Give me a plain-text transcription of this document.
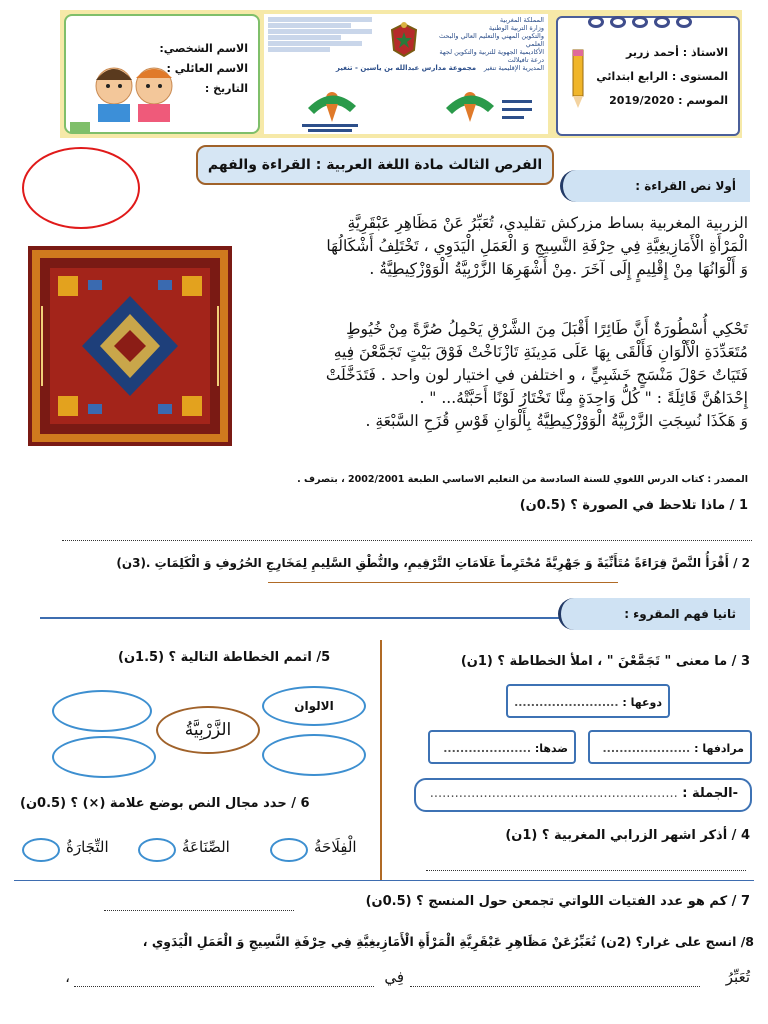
الاسم الشخصي:
الاسم العائلي :
التاريخ :
المملكة المغربية
وزارة التربية الوطنية
والتكوين المهني والتعليم العالي والبحث العلمي
الأكاديمية الجهوية للتربية والتكوين لجهة درعة تافيلالت
المديرية الإقليمية تنغير
مجموعة مدارس عبدالله بن ياسين - تنغير
الاستاذ : أحمد زرير
المستوى : الرابع ابتدائي
الموسم : 2019/2020
الفرص الثالث مادة اللغة العربية : القراءة والفهم
أولا نص القراءة :
الزربية المغربية بساط مزركش تقليدي، تُعَبِّرُ عَنْ مَظَاهِرِ عَبْقَرِيَّةِ
الْمَرْأَةِ الْأَمَازِيغِيَّةِ فِي حِرْفَةِ النَّسِيجِ وَ الْعَمَلِ الْيَدَوِي ، تَخْتَلِفُ أَشْكَالُهَا
وَ أَلْوَانُهَا مِنْ إِقْلِيمٍ إِلَى آخَرَ .مِنْ أَشْهَرِهَا الزَّرْبِيَّةُ الْوَوْزْكِيطِيَّةُ .
تَحْكِي أُسْطُورَةٌ أَنَّ طَائِرًا أَقْبَلَ مِنَ الشَّرْقِ يَحْمِلُ صُرَّةً مِنْ خُيُوطٍ
مُتَعَدِّدَةِ الْأَلْوَانِ فَأَلْقَى بِهَا عَلَى مَدِينَةِ تَازْنَاخْتْ فَوْقَ بَيْتٍ تَجَمَّعْنَ فِيهِ
فَتَيَاتٌ حَوْلَ مَنْسَجٍ خَشَبِيٍّ ، و اختلفن في اختيار لون واحد . فَتَدَخَّلَتْ
إِحْدَاهُنَّ قَائِلَةً : " كُلُّ وَاحِدَةٍ مِنَّا تَخْتَارُ لَوْنًا أَحَبَّتْهُ... " .
وَ هَكَذَا نُسِجَتِ الزَّرْبِيَّةُ الْوَوْزْكِيطِيَّةُ بِأَلْوَانِ قَوْسِ قُزَحِ السَّبْعَةِ .
المصدر : كتاب الدرس اللغوي للسنة السادسة من التعليم الاساسي الطبعة 2002/2001 ، بتصرف .
1 / ماذا تلاحظ في الصورة ؟ (0.5ن)
2 / أَقْرَأُ النَّصَّ قِرَاءَةً مُتَأَنِّيَةً وَ جَهْرِيَّةً مُحْتَرِماً عَلَامَاتِ التَّرْقِيمِ، والنُّطْقِ السَّلِيمِ لِمَخَارِجِ الحُرُوفِ وَ الْكَلِمَاتِ .(3ن)
ثانيا فهم المقروء :
3 / ما معنى " تَجَمَّعْنَ " ، املأ الخطاطة ؟ (1ن)
دوعها : .........................
ضدها: .....................	مرادفها : .....................
-الجملة : ............................................................
4 / أذكر اشهر الزرابي المغربية ؟ (1ن)
5/ اتمم الخطاطة التالية ؟ (1.5ن)
الالوان
الزَّرْبِيَّةُ
6 / حدد مجال النص بوضع علامة (×) ؟ (0.5ن)
التِّجَارَةُ	الصِّنَاعَةُ	الْفِلَاحَةُ
7 / كم هو عدد الفتيات اللواتي تجمعن حول المنسج ؟ (0.5ن)
8/ انسج على غرار؟ (2ن) تُعَبِّرُعَنْ مَظَاهِرِ عَبْقَرِيَّةِ الْمَرْأَةِ الْأَمَازِيغِيَّةِ فِي حِرْفَةِ النَّسِيجِ وَ الْعَمَلِ الْيَدَوِي ،
تُعَبِّرُ
فِي
،
